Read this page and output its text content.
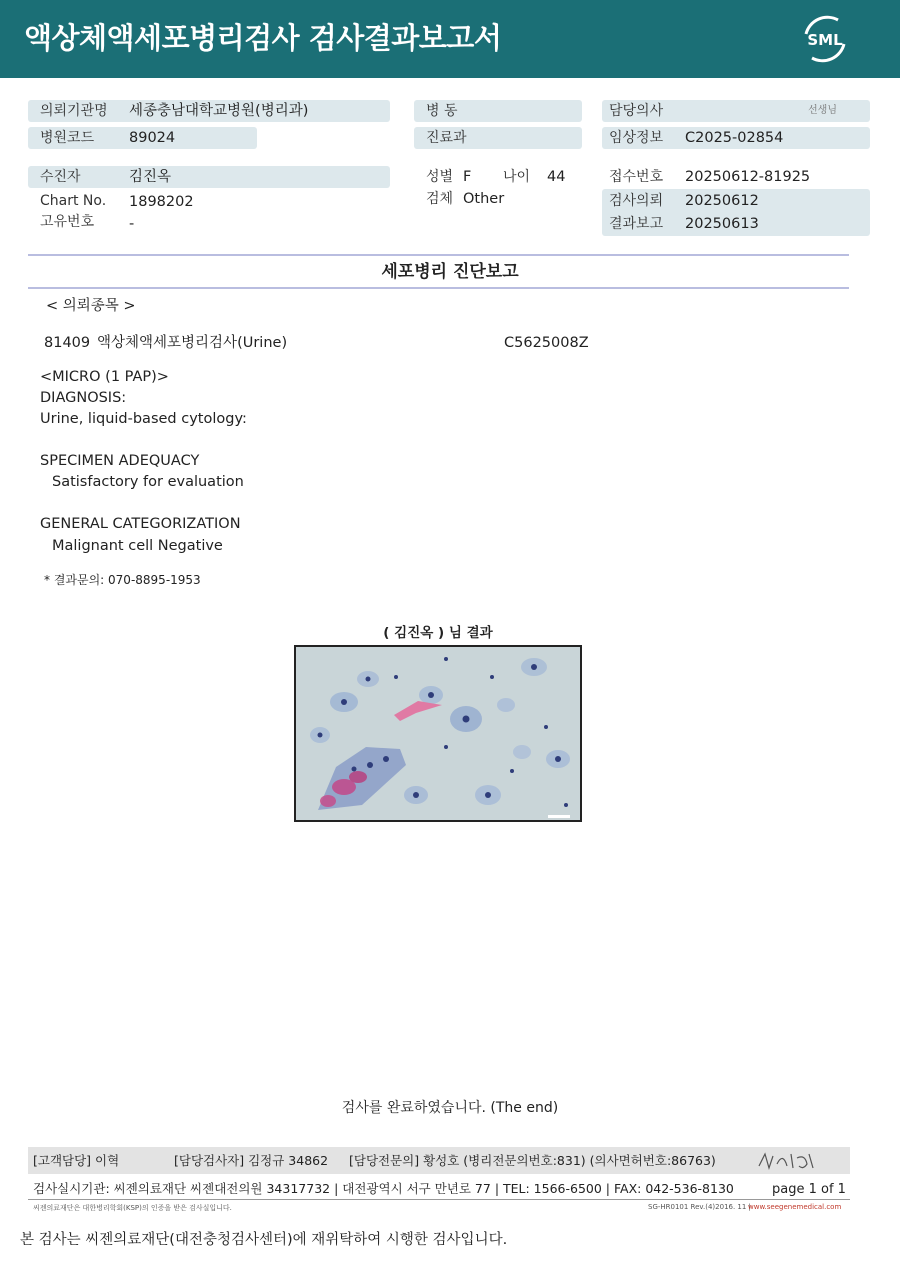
액상체액세포병리검사 검사결과보고서	SML
의뢰기관명 세종충남대학교병원(병리과)
병원코드 89024
수진자	김진옥
Chart No. 1898202
고유번호 -
병 동
진료과
성별 F 나이 44
검체 Other
담당의사	선생님
임상정보 C2025-02854
접수번호 20250612-81925
검사의뢰 20250612
결과보고 20250613
세포병리 진단보고
< 의뢰종목 >
81409 액상체액세포병리검사(Urine)	C5625008Z
<MICRO (1 PAP)>
DIAGNOSIS:
Urine, liquid-based cytology:
SPECIMEN ADEQUACY
Satisfactory for evaluation
GENERAL CATEGORIZATION
Malignant cell Negative
* 결과문의: 070-8895-1953
( 김진옥 ) 님 결과
검사를 완료하였습니다. (The end)
[고객담당] 이혁	[담당검사자] 김정규 34862 [담당전문의] 황성호 (병리전문의번호:831) (의사면허번호:86763)
검사실시기관: 씨젠의료재단 씨젠대전의원 34317732 | 대전광역시 서구 만년로 77 | TEL: 1566-6500 | FAX: 042-536-8130	page 1 of 1
씨젠의료재단은 대한병리학회(KSP)의 인증을 받은 검사실입니다.	SG-HR0101 Rev.(4)2016. 11 |
www.seegenemedical.com
본 검사는 씨젠의료재단(대전충청검사센터)에 재위탁하여 시행한 검사입니다.
